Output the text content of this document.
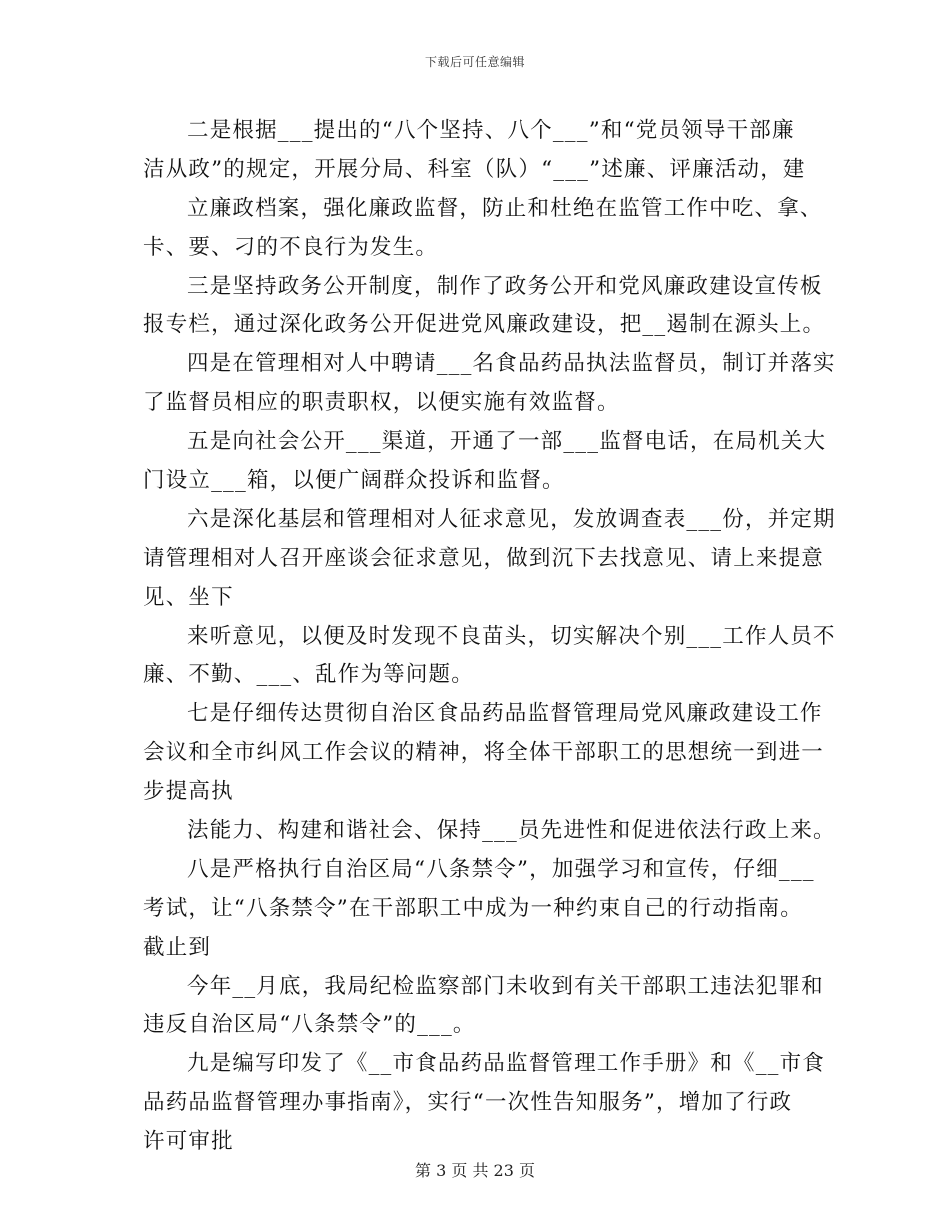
下载后可任意编辑
二是根据___提出的“八个坚持、八个___”和“党员领导干部廉
洁从政”的规定，开展分局、科室（队）“___”述廉、评廉活动，建
立廉政档案，强化廉政监督，防止和杜绝在监管工作中吃、拿、
卡、要、刁的不良行为发生。
三是坚持政务公开制度，制作了政务公开和党风廉政建设宣传板
报专栏，通过深化政务公开促进党风廉政建设，把__遏制在源头上。
四是在管理相对人中聘请___名食品药品执法监督员，制订并落实
了监督员相应的职责职权，以便实施有效监督。
五是向社会公开___渠道，开通了一部___监督电话，在局机关大
门设立___箱，以便广阔群众投诉和监督。
六是深化基层和管理相对人征求意见，发放调查表___份，并定期
请管理相对人召开座谈会征求意见，做到沉下去找意见、请上来提意
见、坐下
来听意见，以便及时发现不良苗头，切实解决个别___工作人员不
廉、不勤、___、乱作为等问题。
七是仔细传达贯彻自治区食品药品监督管理局党风廉政建设工作
会议和全市纠风工作会议的精神，将全体干部职工的思想统一到进一
步提高执
法能力、构建和谐社会、保持___员先进性和促进依法行政上来。
八是严格执行自治区局“八条禁令”，加强学习和宣传，仔细___
考试，让“八条禁令”在干部职工中成为一种约束自己的行动指南。
截止到
今年__月底，我局纪检监察部门未收到有关干部职工违法犯罪和
违反自治区局“八条禁令”的___。
九是编写印发了《__市食品药品监督管理工作手册》和《__市食
品药品监督管理办事指南》，实行“一次性告知服务”，增加了行政
许可审批
第 3 页 共 23 页
